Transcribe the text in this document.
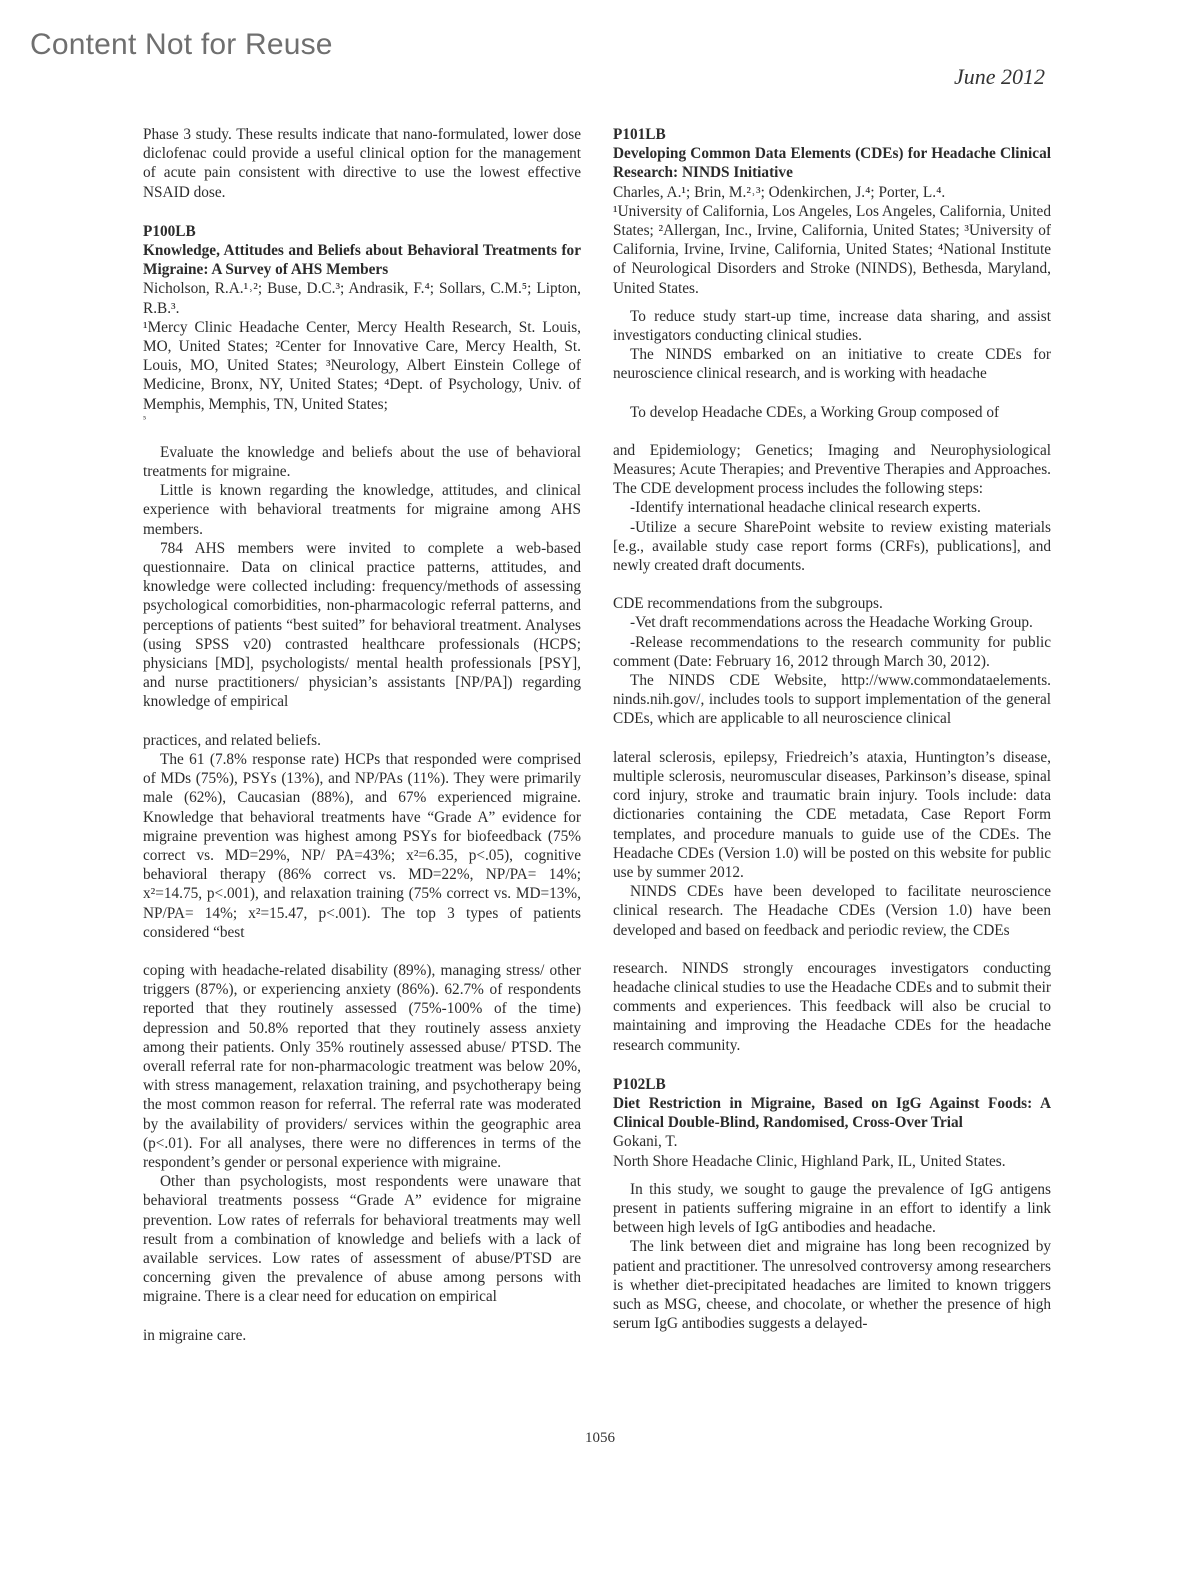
Content Not for Reuse
June 2012

Phase 3 study. These results indicate that nano-formulated, lower dose diclofenac could provide a useful clinical option for the management of acute pain consistent with directive to use the lowest effective NSAID dose.

P100LB

Knowledge, Attitudes and Beliefs about Behavioral Treatments for Migraine: A Survey of AHS Members

Nicholson, R.A.¹˒²; Buse, D.C.³; Andrasik, F.⁴; Sollars, C.M.⁵; Lipton, R.B.³.

¹Mercy Clinic Headache Center, Mercy Health Research, St. Louis, MO, United States; ²Center for Innovative Care, Mercy Health, St. Louis, MO, United States; ³Neurology, Albert Einstein College of Medicine, Bronx, NY, United States; ⁴Dept. of Psychology, Univ. of Memphis, Memphis, TN, United States;

⁵

Evaluate the knowledge and beliefs about the use of behavioral treatments for migraine.

Little is known regarding the knowledge, attitudes, and clinical experience with behavioral treatments for migraine among AHS members.

784 AHS members were invited to complete a web-based questionnaire. Data on clinical practice patterns, attitudes, and knowledge were collected including: frequency/methods of assessing psychological comorbidities, non-pharmacologic referral patterns, and perceptions of patients “best suited” for behavioral treatment. Analyses (using SPSS v20) contrasted healthcare professionals (HCPS; physicians [MD], psychologists/ mental health professionals [PSY], and nurse practitioners/ physician’s assistants [NP/PA]) regarding knowledge of empirical

practices, and related beliefs.

The 61 (7.8% response rate) HCPs that responded were comprised of MDs (75%), PSYs (13%), and NP/PAs (11%). They were primarily male (62%), Caucasian (88%), and 67% experienced migraine. Knowledge that behavioral treatments have “Grade A” evidence for migraine prevention was highest among PSYs for biofeedback (75% correct vs. MD=29%, NP/ PA=43%; x²=6.35, p<.05), cognitive behavioral therapy (86% correct vs. MD=22%, NP/PA= 14%; x²=14.75, p<.001), and relaxation training (75% correct vs. MD=13%, NP/PA= 14%; x²=15.47, p<.001). The top 3 types of patients considered “best

coping with headache-related disability (89%), managing stress/ other triggers (87%), or experiencing anxiety (86%). 62.7% of respondents reported that they routinely assessed (75%-100% of the time) depression and 50.8% reported that they routinely assess anxiety among their patients. Only 35% routinely assessed abuse/ PTSD. The overall referral rate for non-pharmacologic treatment was below 20%, with stress management, relaxation training, and psychotherapy being the most common reason for referral. The referral rate was moderated by the availability of providers/ services within the geographic area (p<.01). For all analyses, there were no differences in terms of the respondent’s gender or personal experience with migraine.

Other than psychologists, most respondents were unaware that behavioral treatments possess “Grade A” evidence for migraine prevention. Low rates of referrals for behavioral treatments may well result from a combination of knowledge and beliefs with a lack of available services. Low rates of assessment of abuse/PTSD are concerning given the prevalence of abuse among persons with migraine. There is a clear need for education on empirical

in migraine care.

P101LB

Developing Common Data Elements (CDEs) for Headache Clinical Research: NINDS Initiative

Charles, A.¹; Brin, M.²˒³; Odenkirchen, J.⁴; Porter, L.⁴.

¹University of California, Los Angeles, Los Angeles, California, United States; ²Allergan, Inc., Irvine, California, United States; ³University of California, Irvine, Irvine, California, United States; ⁴National Institute of Neurological Disorders and Stroke (NINDS), Bethesda, Maryland, United States.

To reduce study start-up time, increase data sharing, and assist investigators conducting clinical studies.

The NINDS embarked on an initiative to create CDEs for neuroscience clinical research, and is working with headache

To develop Headache CDEs, a Working Group composed of

and Epidemiology; Genetics; Imaging and Neurophysiological Measures; Acute Therapies; and Preventive Therapies and Approaches. The CDE development process includes the following steps:

-Identify international headache clinical research experts.

-Utilize a secure SharePoint website to review existing materials [e.g., available study case report forms (CRFs), publications], and newly created draft documents.

CDE recommendations from the subgroups.

-Vet draft recommendations across the Headache Working Group.

-Release recommendations to the research community for public comment (Date: February 16, 2012 through March 30, 2012).

The NINDS CDE Website, http://www.commondataelements. ninds.nih.gov/, includes tools to support implementation of the general CDEs, which are applicable to all neuroscience clinical

lateral sclerosis, epilepsy, Friedreich’s ataxia, Huntington’s disease, multiple sclerosis, neuromuscular diseases, Parkinson’s disease, spinal cord injury, stroke and traumatic brain injury. Tools include: data dictionaries containing the CDE metadata, Case Report Form templates, and procedure manuals to guide use of the CDEs. The Headache CDEs (Version 1.0) will be posted on this website for public use by summer 2012.

NINDS CDEs have been developed to facilitate neuroscience clinical research. The Headache CDEs (Version 1.0) have been developed and based on feedback and periodic review, the CDEs

research. NINDS strongly encourages investigators conducting headache clinical studies to use the Headache CDEs and to submit their comments and experiences. This feedback will also be crucial to maintaining and improving the Headache CDEs for the headache research community.

P102LB

Diet Restriction in Migraine, Based on IgG Against Foods: A Clinical Double-Blind, Randomised, Cross-Over Trial

Gokani, T.

North Shore Headache Clinic, Highland Park, IL, United States.

In this study, we sought to gauge the prevalence of IgG antigens present in patients suffering migraine in an effort to identify a link between high levels of IgG antibodies and headache.

The link between diet and migraine has long been recognized by patient and practitioner. The unresolved controversy among researchers is whether diet-precipitated headaches are limited to known triggers such as MSG, cheese, and chocolate, or whether the presence of high serum IgG antibodies suggests a delayed-

1056
